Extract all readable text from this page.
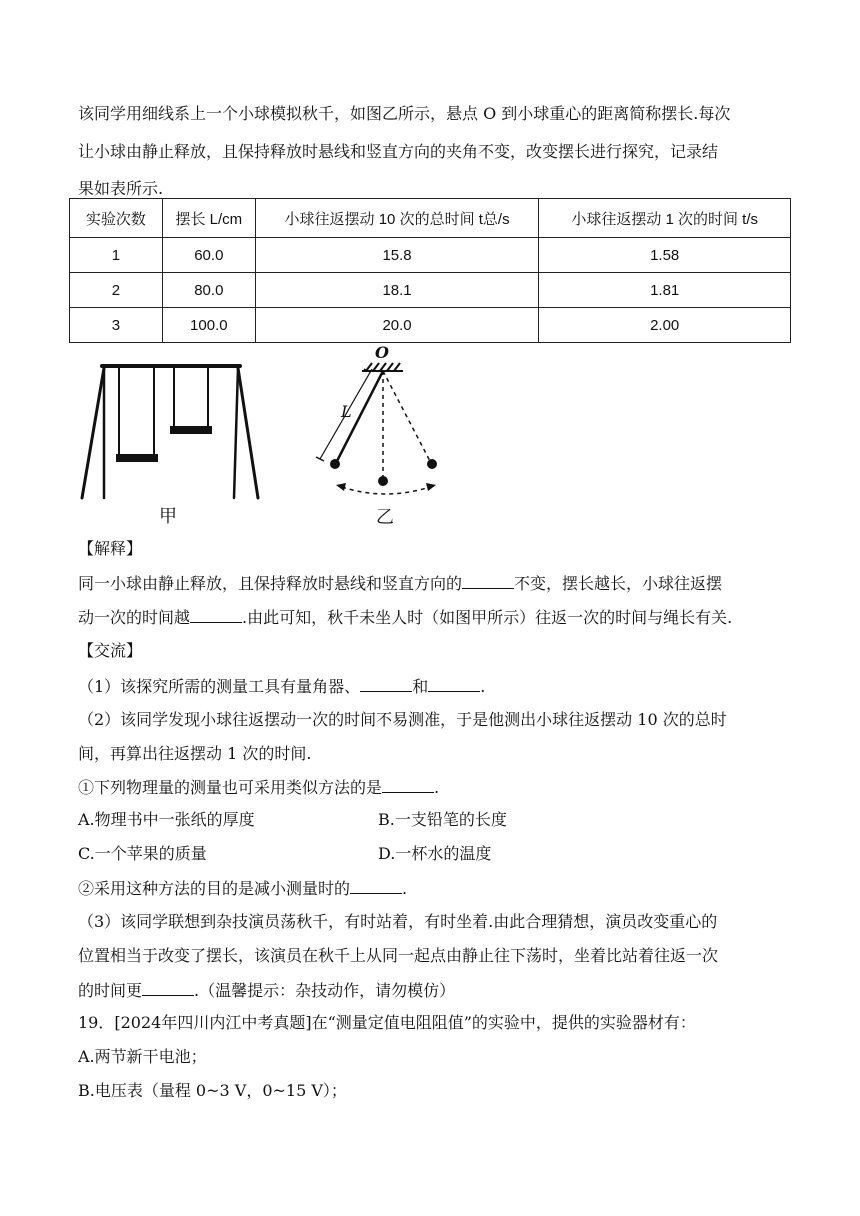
该同学用细线系上一个小球模拟秋千，如图乙所示，悬点 O 到小球重心的距离简称摆长.每次
让小球由静止释放，且保持释放时悬线和竖直方向的夹角不变，改变摆长进行探究，记录结
果如表所示.
实验次数	摆长 L/cm	小球往返摆动 10 次的总时间 t总/s	小球往返摆动 1 次的时间 t/s
1	60.0	15.8	1.58
2	80.0	18.1	1.81
3	100.0	20.0	2.00
甲
O
L
乙
【解释】
同一小球由静止释放，且保持释放时悬线和竖直方向的	不变，摆长越长，小球往返摆
动一次的时间越	.由此可知，秋千未坐人时（如图甲所示）往返一次的时间与绳长有关.
【交流】
（1）该探究所需的测量工具有量角器、	和	.
（2）该同学发现小球往返摆动一次的时间不易测准，于是他测出小球往返摆动 10 次的总时
间，再算出往返摆动 1 次的时间.
①下列物理量的测量也可采用类似方法的是	.
A.物理书中一张纸的厚度	B.一支铅笔的长度
C.一个苹果的质量	D.一杯水的温度
②采用这种方法的目的是减小测量时的	.
（3）该同学联想到杂技演员荡秋千，有时站着，有时坐着.由此合理猜想，演员改变重心的
位置相当于改变了摆长，该演员在秋千上从同一起点由静止往下荡时，坐着比站着往返一次
的时间更	.（温馨提示：杂技动作，请勿模仿）
19．[2024年四川内江中考真题]在“测量定值电阻阻值”的实验中，提供的实验器材有：
A.两节新干电池；
B.电压表（量程 0~3 V，0~15 V）；
